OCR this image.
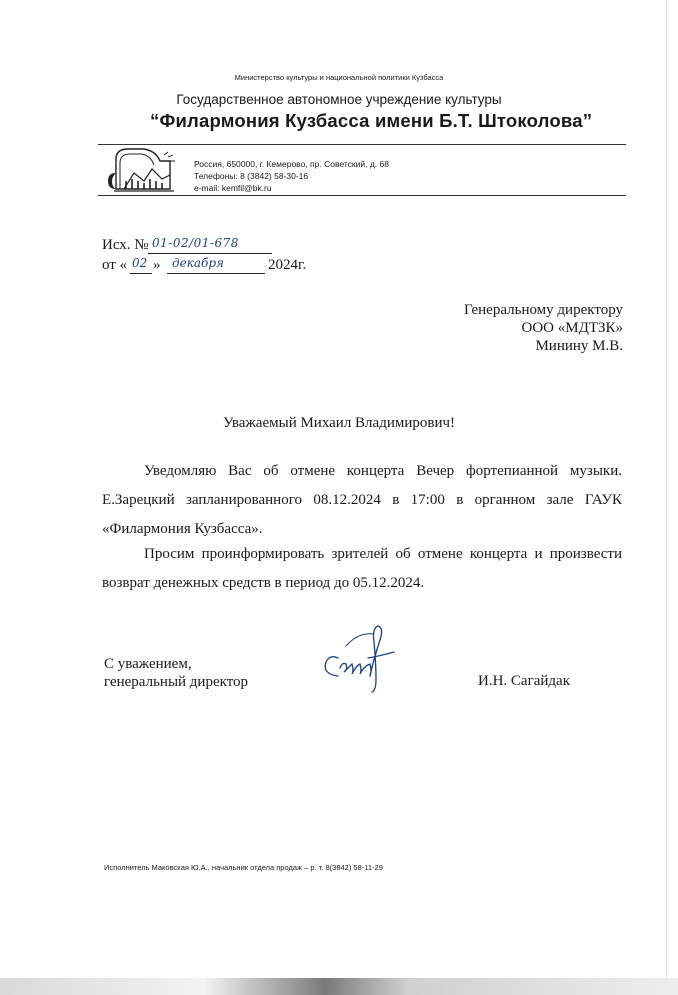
Министерство культуры и национальной политики Кузбасса
Государственное автономное учреждение культуры
“Филармония Кузбасса имени Б.Т. Штоколова”
Россия, 650000, г. Кемерово, пр. Советский, д. 68
Телефоны: 8 (3842) 58-30-16
e-mail: kemfil@bk.ru
Исх. № 01-02/01-678
от « 02 » декабря	2024г.
Генеральному директору
ООО «МДТЗК»
Минину М.В.
Уважаемый Михаил Владимирович!
Уведомляю Вас об отмене концерта Вечер фортепианной музыки. Е.Зарецкий запланированного 08.12.2024 в 17:00 в органном зале ГАУК «Филармония Кузбасса».
Просим проинформировать зрителей об отмене концерта и произвести возврат денежных средств в период до 05.12.2024.
С уважением,
генеральный директор	И.Н. Сагайдак
Исполнитель Маковская Ю.А., начальник отдела продаж – р. т. 8(3842) 58-11-29
